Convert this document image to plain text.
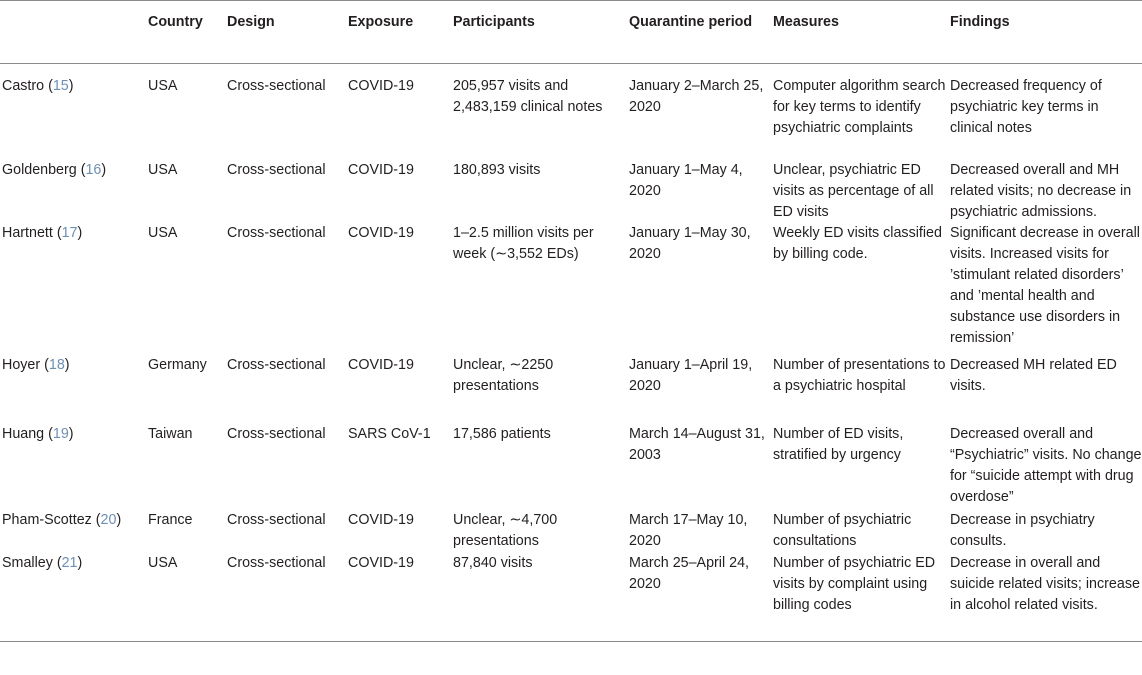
	Country	Design	Exposure	Participants	Quarantine period	Measures	Findings
Castro (15)	USA	Cross-sectional	COVID-19	205,957 visits and 2,483,159 clinical notes	January 2–March 25, 2020	Computer algorithm search for key terms to identify psychiatric complaints	Decreased frequency of psychiatric key terms in clinical notes
Goldenberg (16)	USA	Cross-sectional	COVID-19	180,893 visits	January 1–May 4, 2020	Unclear, psychiatric ED visits as percentage of all ED visits	Decreased overall and MH related visits; no decrease in psychiatric admissions.
Hartnett (17)	USA	Cross-sectional	COVID-19	1–2.5 million visits per week (∼3,552 EDs)	January 1–May 30, 2020	Weekly ED visits classified by billing code.	Significant decrease in overall visits. Increased visits for ’stimulant related disorders’ and ’mental health and substance use disorders in remission’
Hoyer (18)	Germany	Cross-sectional	COVID-19	Unclear, ∼2250 presentations	January 1–April 19, 2020	Number of presentations to a psychiatric hospital	Decreased MH related ED visits.
Huang (19)	Taiwan	Cross-sectional	SARS CoV-1	17,586 patients	March 14–August 31, 2003	Number of ED visits, stratified by urgency	Decreased overall and “Psychiatric” visits. No change for “suicide attempt with drug overdose”
Pham-Scottez (20)	France	Cross-sectional	COVID-19	Unclear, ∼4,700 presentations	March 17–May 10, 2020	Number of psychiatric consultations	Decrease in psychiatry consults.
Smalley (21)	USA	Cross-sectional	COVID-19	87,840 visits	March 25–April 24, 2020	Number of psychiatric ED visits by complaint using billing codes	Decrease in overall and suicide related visits; increase in alcohol related visits.
